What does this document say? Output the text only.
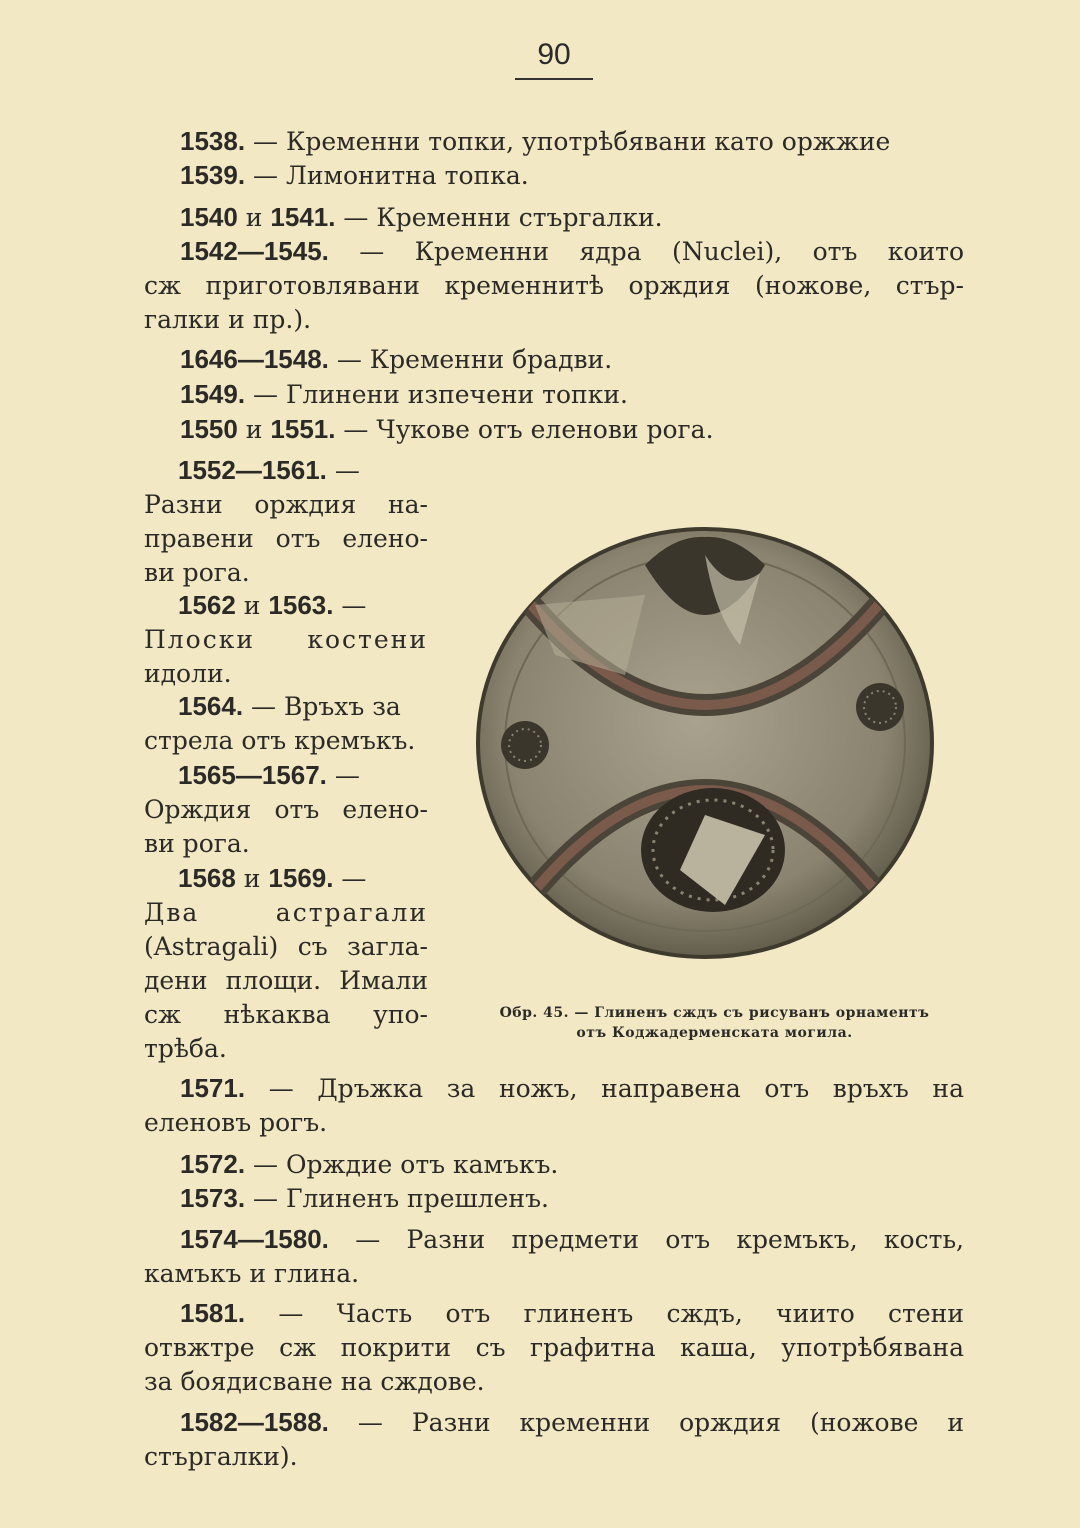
90
1538. — Кременни топки, употрѣбявани като оржжие
1539. — Лимонитна топка.
1540 и 1541. — Кременни стъргалки.
1542—1545. — Кременни ядра (Nuclei), отъ които
сж приготовлявани кременнитѣ орждия (ножове, стър-
галки и пр.).
1646—1548. — Кременни брадви.
1549. — Глинени изпечени топки.
1550 и 1551. — Чукове отъ еленови рога.
1552—1561. —
Разни орждия на-
правени отъ елено-
ви рога.
1562 и 1563. —
Плоски костени
идоли.
1564. — Връхъ за
стрела отъ кремъкъ.
1565—1567. —
Орждия отъ елено-
ви рога.
1568 и 1569. —
Два астрагали
(Astragali) съ загла-
дени площи. Имали
сж нѣкаква упо-
трѣба.
Обр. 45. — Глиненъ сждъ съ рисуванъ орнаментъ
отъ Коджадерменската могила.
1571. — Дръжка за ножъ, направена отъ връхъ на
еленовъ рогъ.
1572. — Орждие отъ камъкъ.
1573. — Глиненъ прешленъ.
1574—1580. — Разни предмети отъ кремъкъ, кость,
камъкъ и глина.
1581. — Часть отъ глиненъ сждъ, чиито стени
отвжтре сж покрити съ графитна каша, употрѣбявана
за боядисване на сждове.
1582—1588. — Разни кременни орждия (ножове и
стъргалки).
